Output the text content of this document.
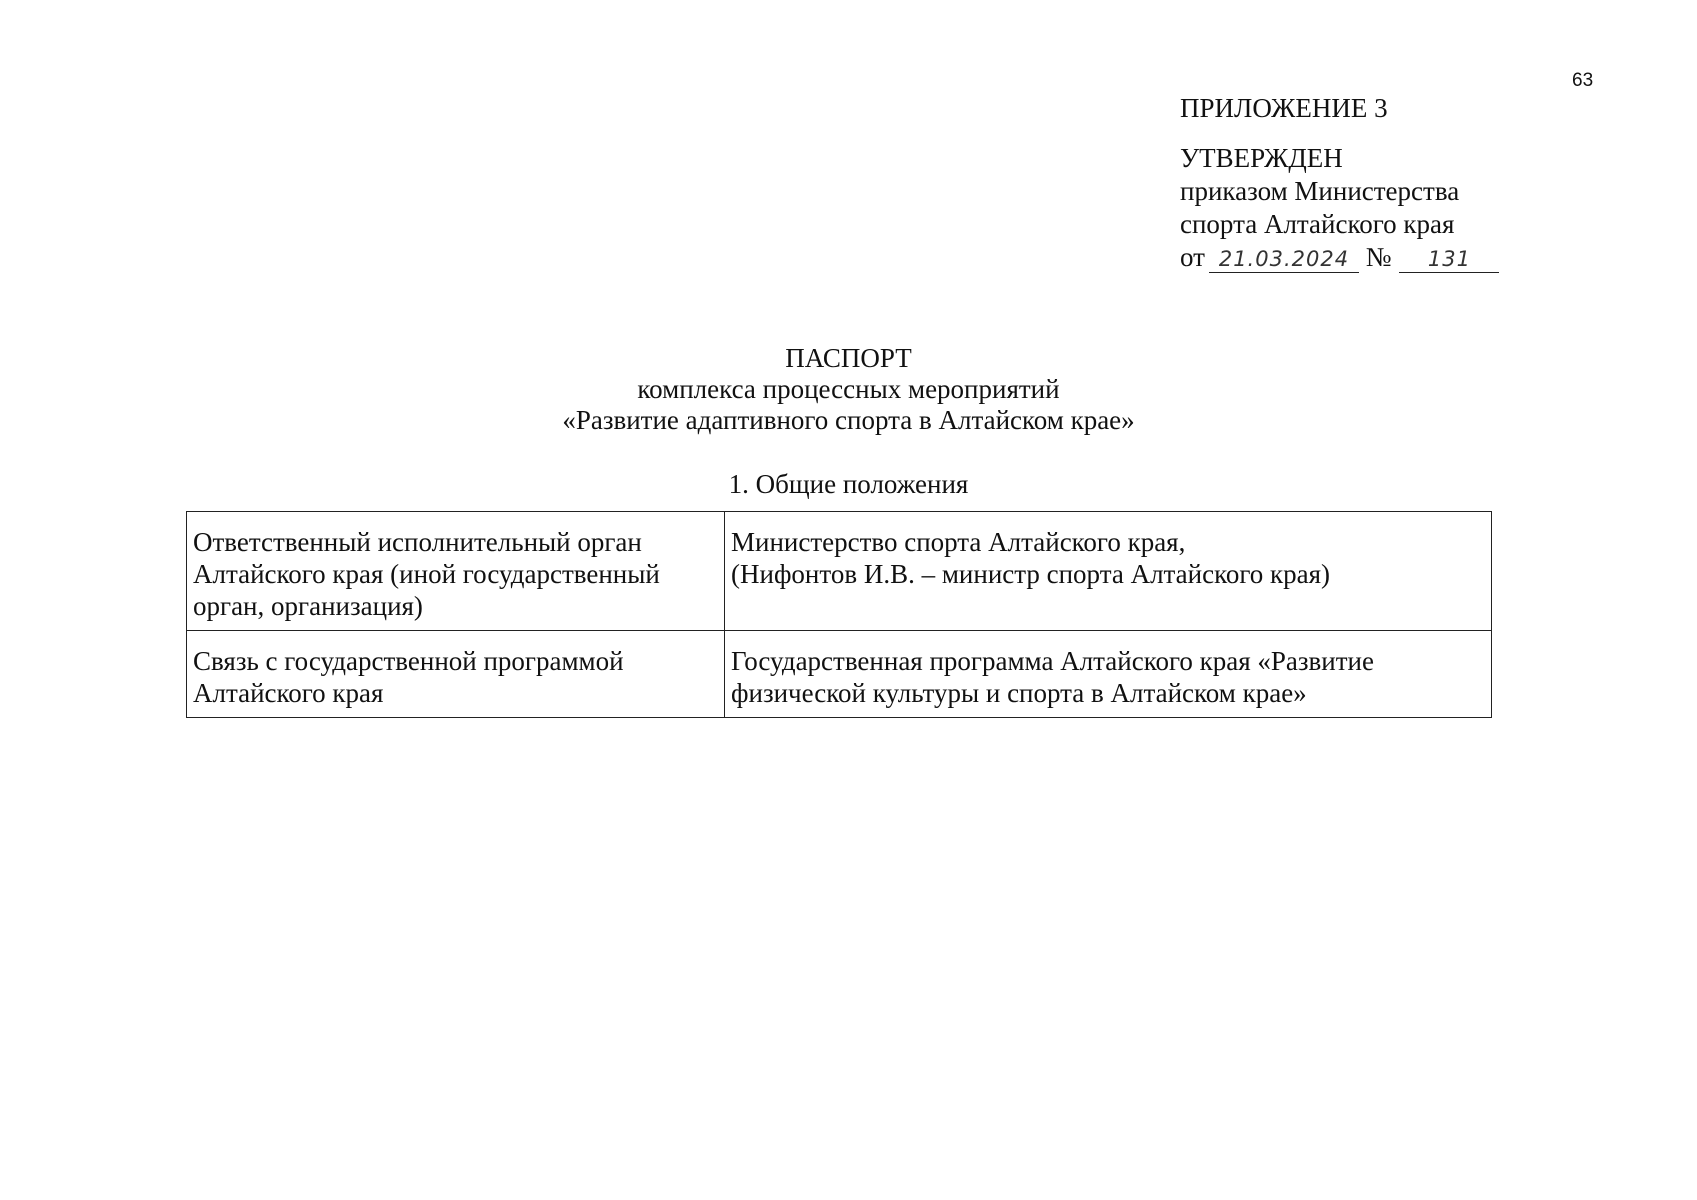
63
ПРИЛОЖЕНИЕ 3
УТВЕРЖДЕН
приказом Министерства
спорта Алтайского края
от 21.03.2024 № 131
ПАСПОРТ
комплекса процессных мероприятий
«Развитие адаптивного спорта в Алтайском крае»
1. Общие положения
Ответственный исполнительный орган Алтайского края (иной государственный орган, организация)	Министерство спорта Алтайского края,
(Нифонтов И.В. – министр спорта Алтайского края)

Связь с государственной программой Алтайского края	Государственная программа Алтайского края «Развитие физической культуры и спорта в Алтайском крае»
